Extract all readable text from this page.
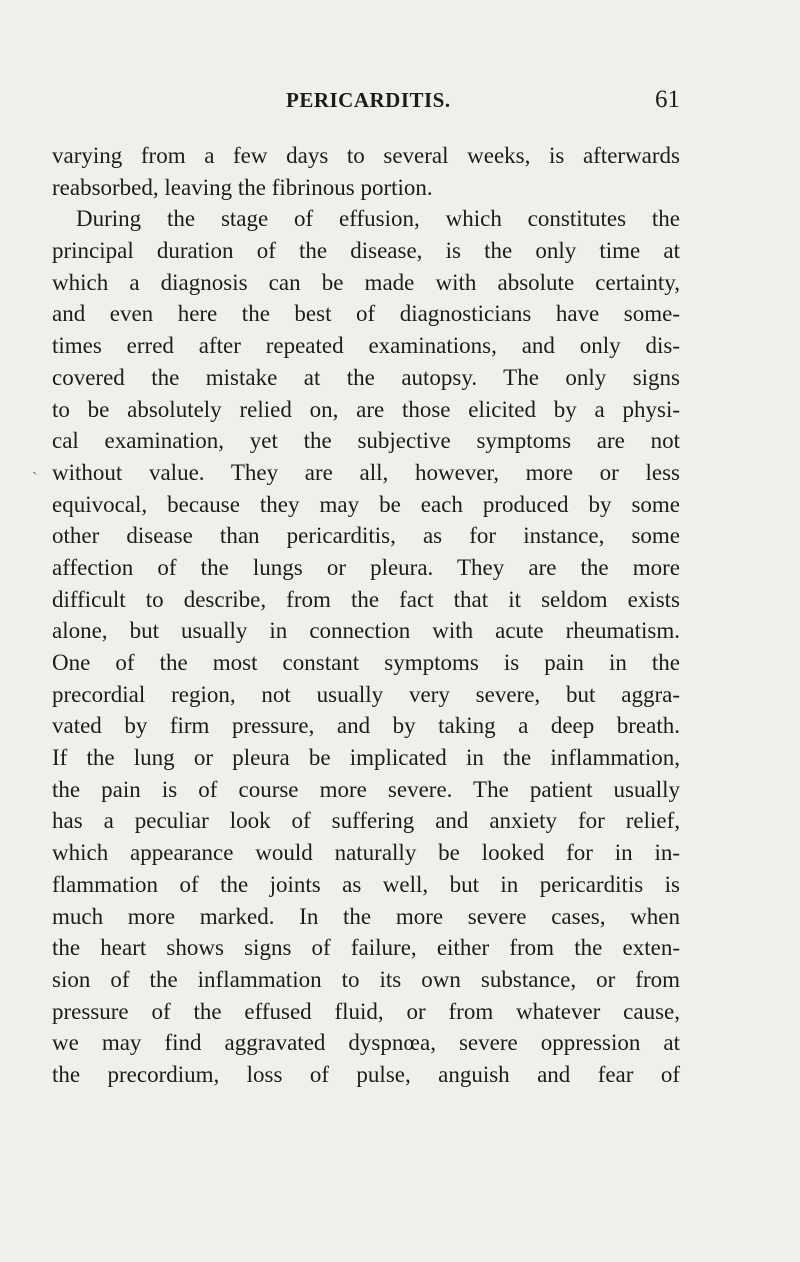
PERICARDITIS.	61
ˏ
varying from a few days to several weeks, is afterwards
reabsorbed, leaving the fibrinous portion.
During the stage of effusion, which constitutes the
principal duration of the disease, is the only time at
which a diagnosis can be made with absolute certainty,
and even here the best of diagnosticians have some-
times erred after repeated examinations, and only dis-
covered the mistake at the autopsy. The only signs
to be absolutely relied on, are those elicited by a physi-
cal examination, yet the subjective symptoms are not
without value. They are all, however, more or less
equivocal, because they may be each produced by some
other disease than pericarditis, as for instance, some
affection of the lungs or pleura. They are the more
difficult to describe, from the fact that it seldom exists
alone, but usually in connection with acute rheumatism.
One of the most constant symptoms is pain in the
precordial region, not usually very severe, but aggra-
vated by firm pressure, and by taking a deep breath.
If the lung or pleura be implicated in the inflammation,
the pain is of course more severe. The patient usually
has a peculiar look of suffering and anxiety for relief,
which appearance would naturally be looked for in in-
flammation of the joints as well, but in pericarditis is
much more marked. In the more severe cases, when
the heart shows signs of failure, either from the exten-
sion of the inflammation to its own substance, or from
pressure of the effused fluid, or from whatever cause,
we may find aggravated dyspnœa, severe oppression at
the precordium, loss of pulse, anguish and fear of
